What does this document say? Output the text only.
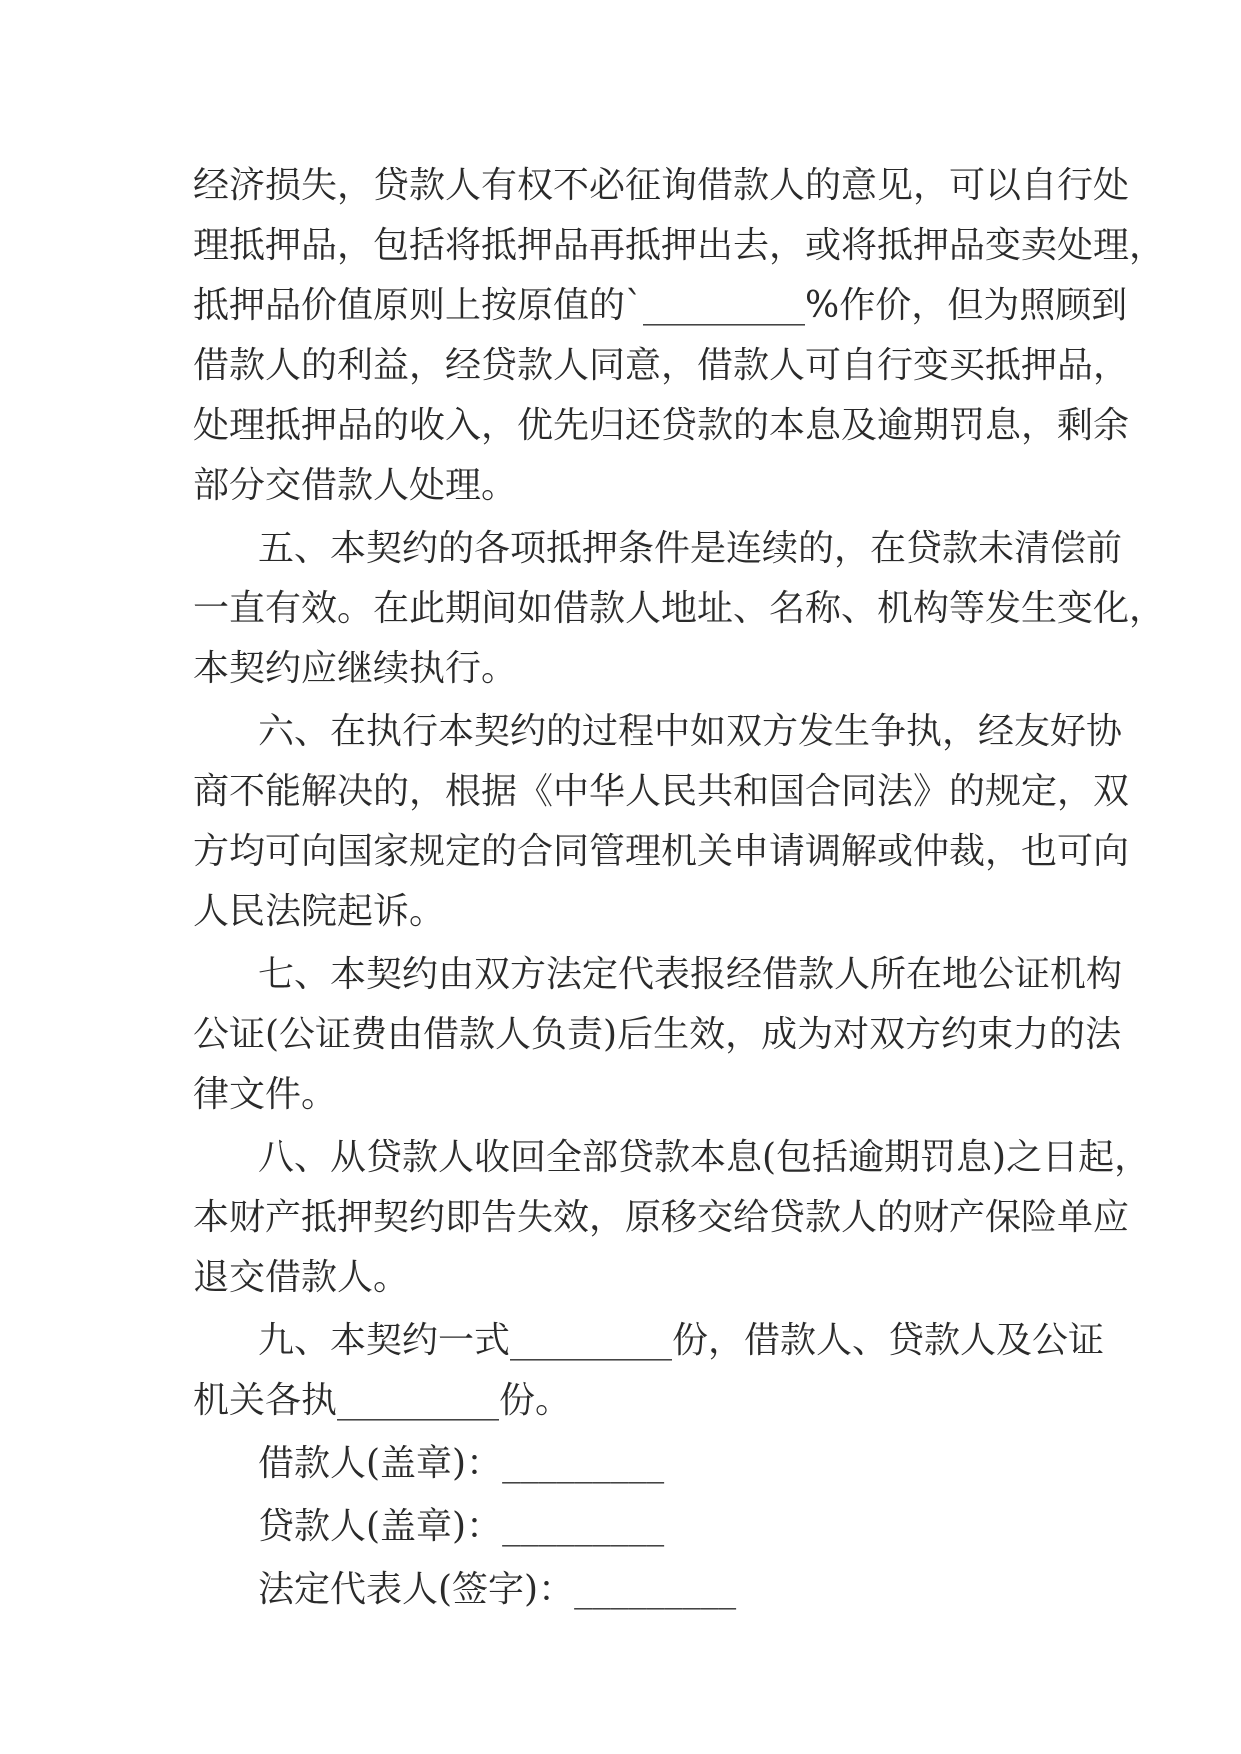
经济损失，贷款人有权不必征询借款人的意见，可以自行处
理抵押品，包括将抵押品再抵押出去，或将抵押品变卖处理，
抵押品价值原则上按原值的`_________%作价，但为照顾到
借款人的利益，经贷款人同意，借款人可自行变买抵押品，
处理抵押品的收入，优先归还贷款的本息及逾期罚息，剩余
部分交借款人处理。
五、本契约的各项抵押条件是连续的，在贷款未清偿前
一直有效。在此期间如借款人地址、名称、机构等发生变化，
本契约应继续执行。
六、在执行本契约的过程中如双方发生争执，经友好协
商不能解决的，根据《中华人民共和国合同法》的规定，双
方均可向国家规定的合同管理机关申请调解或仲裁，也可向
人民法院起诉。
七、本契约由双方法定代表报经借款人所在地公证机构
公证(公证费由借款人负责)后生效，成为对双方约束力的法
律文件。
八、从贷款人收回全部贷款本息(包括逾期罚息)之日起，
本财产抵押契约即告失效，原移交给贷款人的财产保险单应
退交借款人。
九、本契约一式_________份，借款人、贷款人及公证
机关各执_________份。
借款人(盖章)：_________
贷款人(盖章)：_________
法定代表人(签字)：_________
